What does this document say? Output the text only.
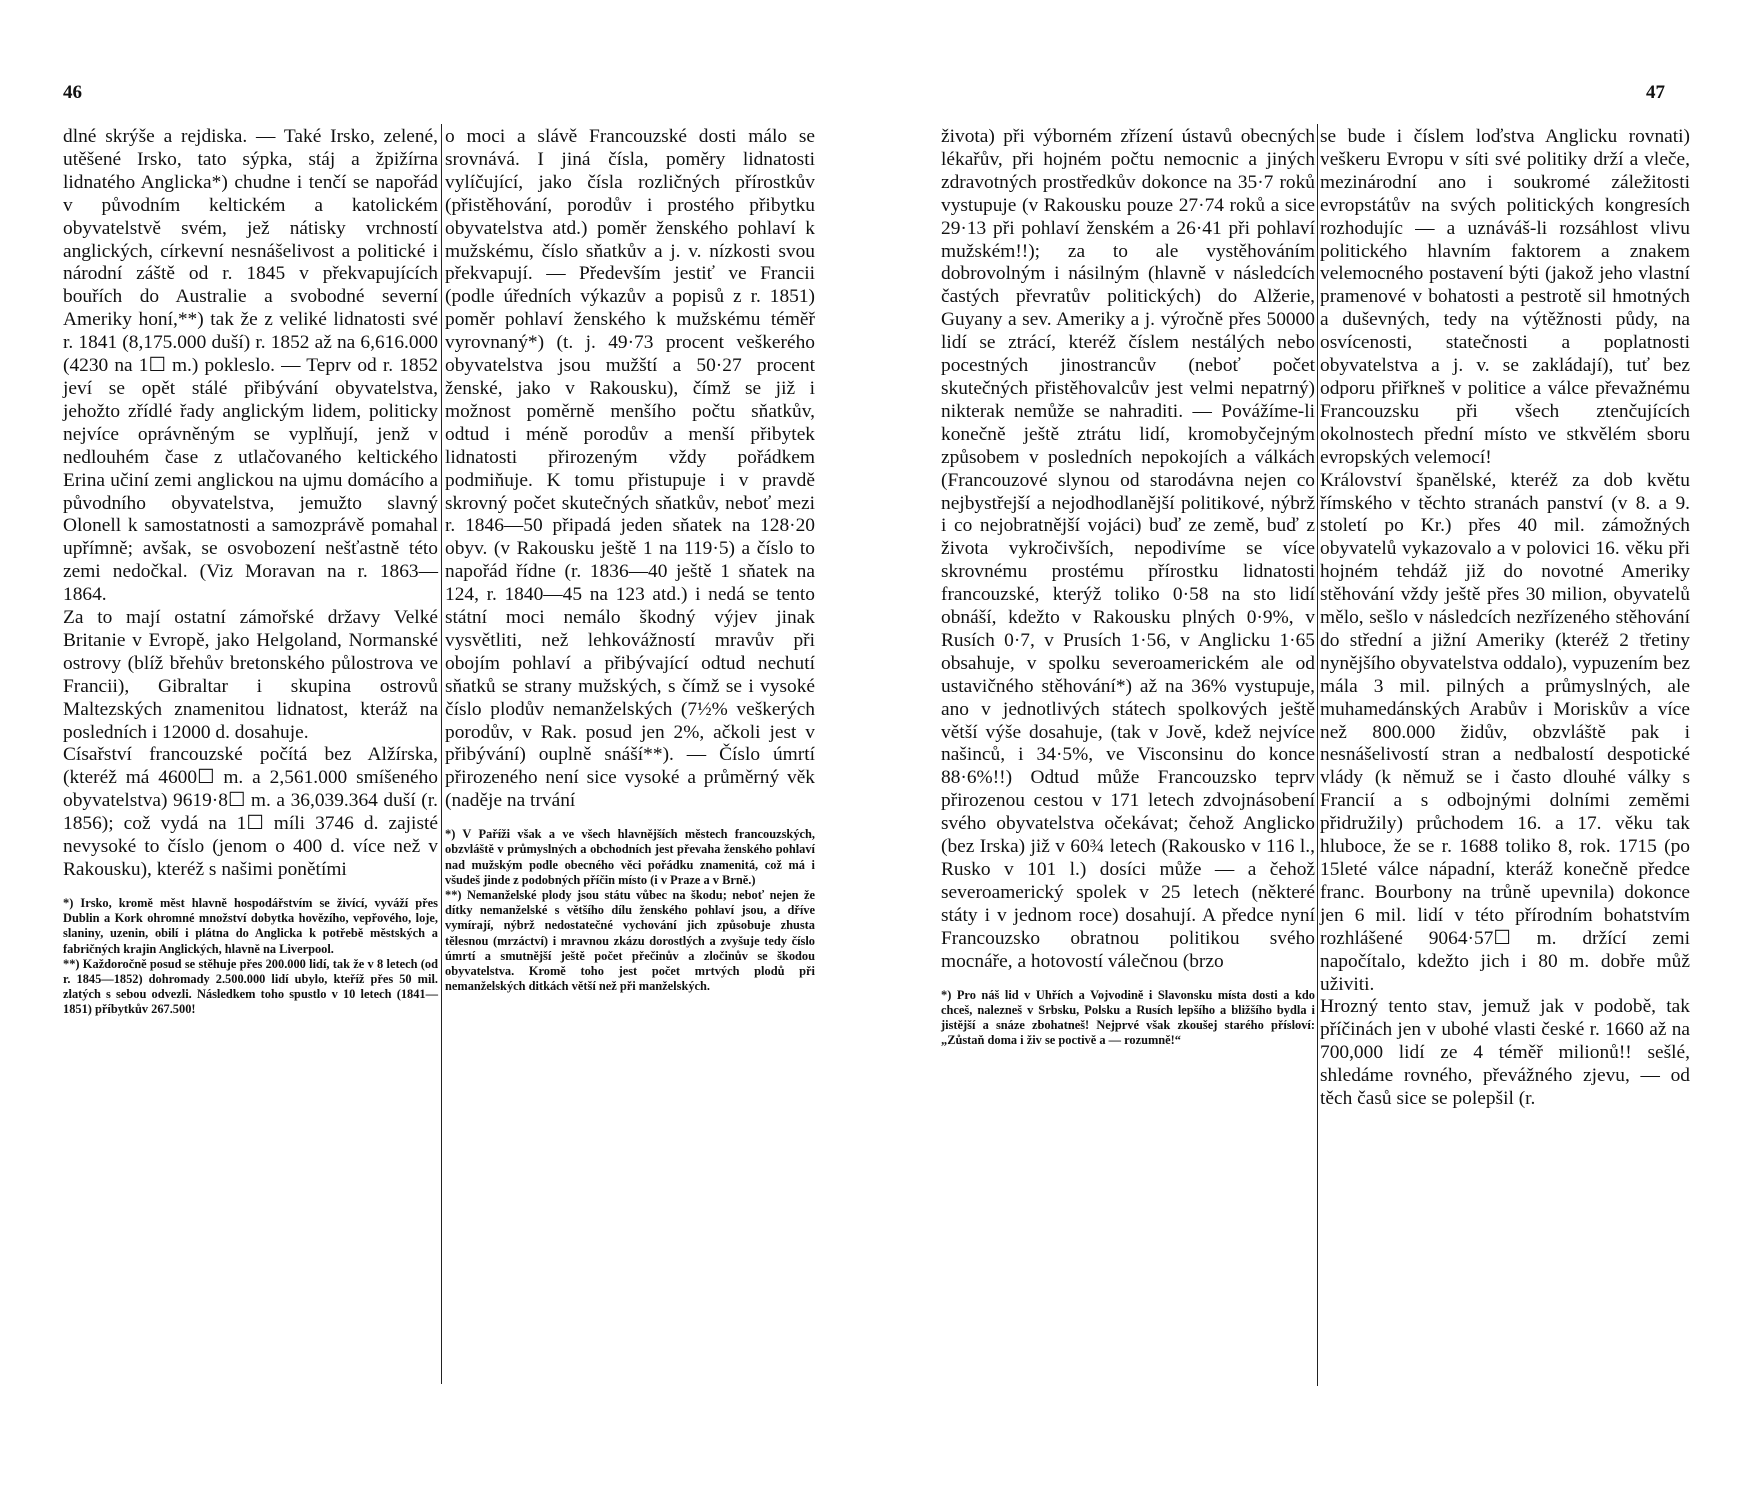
46	47

dlné skrýše a rejdiska. — Také Irsko, zelené, utěšené Irsko, tato sýpka, stáj a žpižírna lidnatého Anglicka*) chudne i tenčí se napořád v původním keltickém a katolickém obyvatelstvě svém, jež nátisky vrchností anglických, církevní nesnášelivost a politické i národní záště od r. 1845 v překvapujících bouřích do Australie a svobodné severní Ameriky honí,**) tak že z veliké lidnatosti své r. 1841 (8,175.000 duší) r. 1852 až na 6,616.000 (4230 na 1☐ m.) pokleslo. — Teprv od r. 1852 jeví se opět stálé přibývání obyvatelstva, jehožto zřídlé řady anglickým lidem, politicky nejvíce oprávněným se vyplňují, jenž v nedlouhém čase z utlačovaného keltického Erina učiní zemi anglickou na ujmu domácího a původního obyvatelstva, jemužto slavný Olonell k samostatnosti a samozprávě pomahal upřímně; avšak, se osvobození nešťastně této zemi nedočkal. (Viz Moravan na r. 1863—1864.
Za to mají ostatní zámořské državy Velké Britanie v Evropě, jako Helgoland, Normanské ostrovy (blíž břehův bretonského půlostrova ve Francii), Gibraltar i skupina ostrovů Maltezských znamenitou lidnatost, kteráž na posledních i 12000 d. dosahuje.
Císařství francouzské počítá bez Alžírska, (kteréž má 4600☐ m. a 2,561.000 smíšeného obyvatelstva) 9619·8☐ m. a 36,039.364 duší (r. 1856); což vydá na 1☐ míli 3746 d. zajisté nevysoké to číslo (jenom o 400 d. více než v Rakousku), kteréž s našimi ponětími

*) Irsko, kromě měst hlavně hospodářstvím se živící, vyváží přes Dublin a Kork ohromné množství dobytka hovězího, vepřového, loje, slaniny, uzenin, obilí i plátna do Anglicka k potřebě městských a fabričných krajin Anglických, hlavně na Liverpool.
**) Každoročně posud se stěhuje přes 200.000 lidí, tak že v 8 letech (od r. 1845—1852) dohromady 2.500.000 lidí ubylo, kteříž přes 50 mil. zlatých s sebou odvezli. Následkem toho spustlo v 10 letech (1841—1851) příbytkův 267.500!

o moci a slávě Francouzské dosti málo se srovnává. I jiná čísla, poměry lidnatosti vylíčující, jako čísla rozličných přírostkův (přistěhování, porodův i prostého přibytku obyvatelstva atd.) poměr ženského pohlaví k mužskému, číslo sňatkův a j. v. nízkosti svou překvapují. — Především jestiť ve Francii (podle úředních výkazův a popisů z r. 1851) poměr pohlaví ženského k mužskému téměř vyrovnaný*) (t. j. 49·73 procent veškerého obyvatelstva jsou mužští a 50·27 procent ženské, jako v Rakousku), čímž se již i možnost poměrně menšího počtu sňatkův, odtud i méně porodův a menší přibytek lidnatosti přirozeným vždy pořádkem podmiňuje. K tomu přistupuje i v pravdě skrovný počet skutečných sňatkův, neboť mezi r. 1846—50 připadá jeden sňatek na 128·20 obyv. (v Rakousku ještě 1 na 119·5) a číslo to napořád řídne (r. 1836—40 ještě 1 sňatek na 124, r. 1840—45 na 123 atd.) i nedá se tento státní moci nemálo škodný výjev jinak vysvětliti, než lehkovážností mravův při obojím pohlaví a přibývající odtud nechutí sňatků se strany mužských, s čímž se i vysoké číslo plodův nemanželských (7½% veškerých porodův, v Rak. posud jen 2%, ačkoli jest v přibývání) ouplně snáší**). — Číslo úmrtí přirozeného není sice vysoké a průměrný věk (naděje na trvání

*) V Paříži však a ve všech hlavnějších městech francouzských, obzvláště v průmyslných a obchodních jest převaha ženského pohlaví nad mužským podle obecného věci pořádku znamenitá, což má i všudeš jinde z podobných příčin místo (i v Praze a v Brně.)
**) Nemanželské plody jsou státu vůbec na škodu; neboť nejen že dítky nemanželské s většího dílu ženského pohlaví jsou, a dříve vymírají, nýbrž nedostatečné vychování jich způsobuje zhusta tělesnou (mrzáctví) i mravnou zkázu dorostlých a zvyšuje tedy číslo úmrtí a smutnější ještě počet přečinův a zločinův se škodou obyvatelstva. Kromě toho jest počet mrtvých plodů při nemanželských ditkách větší než při manželských.

života) při výborném zřízení ústavů obecných lékařův, při hojném počtu nemocnic a jiných zdravotných prostředkův dokonce na 35·7 roků vystupuje (v Rakousku pouze 27·74 roků a sice 29·13 při pohlaví ženském a 26·41 při pohlaví mužském!!); za to ale vystěhováním dobrovolným i násilným (hlavně v následcích častých převratův politických) do Alžerie, Guyany a sev. Ameriky a j. výročně přes 50000 lidí se ztrácí, kteréž číslem nestálých nebo pocestných jinostrancův (neboť počet skutečných přistěhovalcův jest velmi nepatrný) nikterak nemůže se nahraditi. — Povážíme-li konečně ještě ztrátu lidí, kromobyčejným způsobem v posledních nepokojích a válkách (Francouzové slynou od starodávna nejen co nejbystřejší a nejodhodlanější politikové, nýbrž i co nejobratnější vojáci) buď ze země, buď z života vykročivších, nepodivíme se více skrovnému prostému přírostku lidnatosti francouzské, kterýž toliko 0·58 na sto lidí obnáší, kdežto v Rakousku plných 0·9%, v Rusích 0·7, v Prusích 1·56, v Anglicku 1·65 obsahuje, v spolku severoamerickém ale od ustavičného stěhování*) až na 36% vystupuje, ano v jednotlivých státech spolkových ještě větší výše dosahuje, (tak v Jově, kdež nejvíce našinců, i 34·5%, ve Visconsinu do konce 88·6%!!) Odtud může Francouzsko teprv přirozenou cestou v 171 letech zdvojnásobení svého obyvatelstva očekávat; čehož Anglicko (bez Irska) již v 60¾ letech (Rakousko v 116 l., Rusko v 101 l.) dosíci může — a čehož severoamerický spolek v 25 letech (některé státy i v jednom roce) dosahují. A předce nyní Francouzsko obratnou politikou svého mocnáře, a hotovostí válečnou (brzo

*) Pro náš lid v Uhřích a Vojvodině i Slavonsku místa dosti a kdo chceš, nalezneš v Srbsku, Polsku a Rusích lepšího a bližšího bydla i jistější a snáze zbohatneš! Nejprvé však zkoušej starého přísloví: „Zůstaň doma i živ se poctivě a — rozumně!“

se bude i číslem loďstva Anglicku rovnati) veškeru Evropu v síti své politiky drží a vleče, mezinárodní ano i soukromé záležitosti evropstátův na svých politických kongresích rozhodujíc — a uznáváš-li rozsáhlost vlivu politického hlavním faktorem a znakem velemocného postavení býti (jakož jeho vlastní pramenové v bohatosti a pestrotě sil hmotných a duševných, tedy na výtěžnosti půdy, na osvícenosti, statečnosti a poplatnosti obyvatelstva a j. v. se zakládají), tuť bez odporu přiřkneš v politice a válce převažnému Francouzsku při všech ztenčujících okolnostech přední místo ve stkvělém sboru evropských velemocí!
Království španělské, kteréž za dob květu římského v těchto stranách panství (v 8. a 9. století po Kr.) přes 40 mil. zámožných obyvatelů vykazovalo a v polovici 16. věku při hojném tehdáž již do novotné Ameriky stěhování vždy ještě přes 30 milion, obyvatelů mělo, sešlo v následcích nezřízeného stěhování do střední a jižní Ameriky (kteréž 2 třetiny nynějšího obyvatelstva oddalo), vypuzením bez mála 3 mil. pilných a průmyslných, ale muhamedánských Arabův i Moriskův a více než 800.000 židův, obzvláště pak i nesnášelivostí stran a nedbalostí despotické vlády (k němuž se i často dlouhé války s Francií a s odbojnými dolními zeměmi přidružily) průchodem 16. a 17. věku tak hluboce, že se r. 1688 toliko 8, rok. 1715 (po 15leté válce nápadní, kteráž konečně předce franc. Bourbony na trůně upevnila) dokonce jen 6 mil. lidí v této přírodním bohatstvím rozhlášené 9064·57☐ m. držící zemi napočítalo, kdežto jich i 80 m. dobře můž uživiti.
Hrozný tento stav, jemuž jak v podobě, tak příčinách jen v ubohé vlasti české r. 1660 až na 700,000 lidí ze 4 téměř milionů!! sešlé, shledáme rovného, převážného zjevu, — od těch časů sice se polepšil (r.
